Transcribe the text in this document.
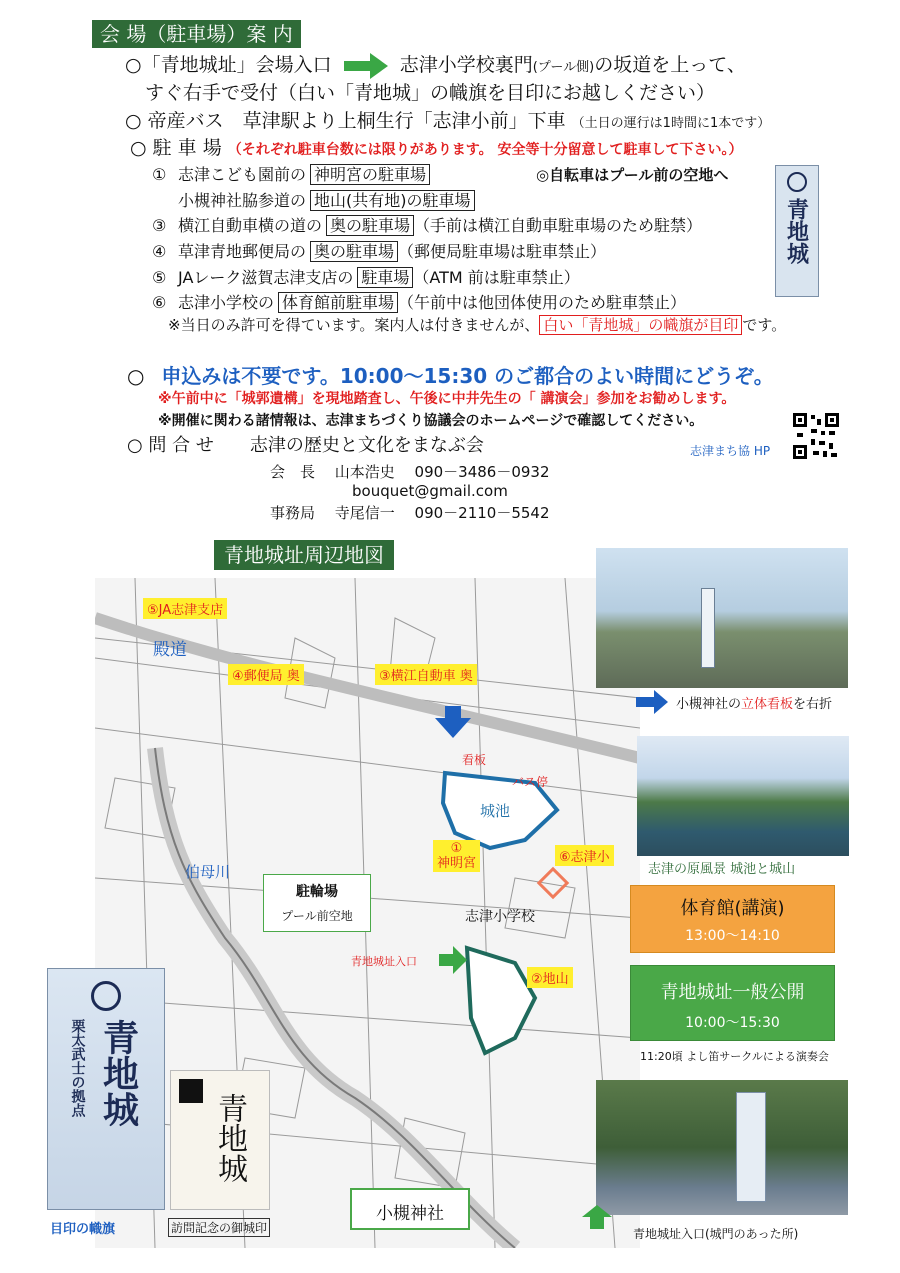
会 場（駐車場）案 内
○「青地城址」会場入口	志津小学校裏門(プール側)の坂道を上って、
すぐ右手で受付（白い「青地城」の幟旗を目印にお越しください）
○ 帝産バス　草津駅より上桐生行「志津小前」下車 （土日の運行は1時間に1本です）
○ 駐 車 場 （それぞれ駐車台数には限りがあります。 安全等十分留意して駐車して下さい。）
① 志津こども園前の 神明宮の駐車場
小槻神社脇参道の 地山(共有地)の駐車場
③ 横江自動車横の道の 奥の駐車場 （手前は横江自動車駐車場のため駐禁）
④ 草津青地郵便局の 奥の駐車場 （郵便局駐車場は駐車禁止）
⑤ JAレーク滋賀志津支店の 駐車場 （ATM 前は駐車禁止）
⑥ 志津小学校の 体育館前駐車場 （午前中は他団体使用のため駐車禁止）
◎自転車はプール前の空地へ
青地城
※当日のみ許可を得ています。案内人は付きませんが、 白い「青地城」の幟旗が目印 です。
○ 申込みは不要です。10:00～15:30 のご都合のよい時間にどうぞ。
※午前中に「城郭遺構」を現地踏査し、午後に中井先生の「 講演会」参加をお勧めします。
※開催に関わる諸情報は、志津まちづくり協議会のホームページで確認してください。
志津まち協 HP
○ 問 合 せ　　志津の歴史と文化をまなぶ会
会　長　 山本浩史　 090－3486－0932
bouquet@gmail.com
事務局　 寺尾信一　 090－2110－5542
青地城址周辺地図
⑤JA志津支店
殿道
④郵便局 奥	③横江自動車 奥
看板
バス停
城池
①
神明宮	⑥志津小
伯母川
志津小学校
青地城址入口
②地山
駐輪場
プール前空地	体育館(講演)
13:00～14:10
青地城址一般公開
10:00～15:30
11:20頃 よし笛サークルによる演奏会
小槻神社
小槻神社の立体看板を右折
志津の原風景 城池と城山
青地城址入口(城門のあった所)
青地城
栗太武士の拠点
目印の幟旗
青地城
訪問記念の御城印
